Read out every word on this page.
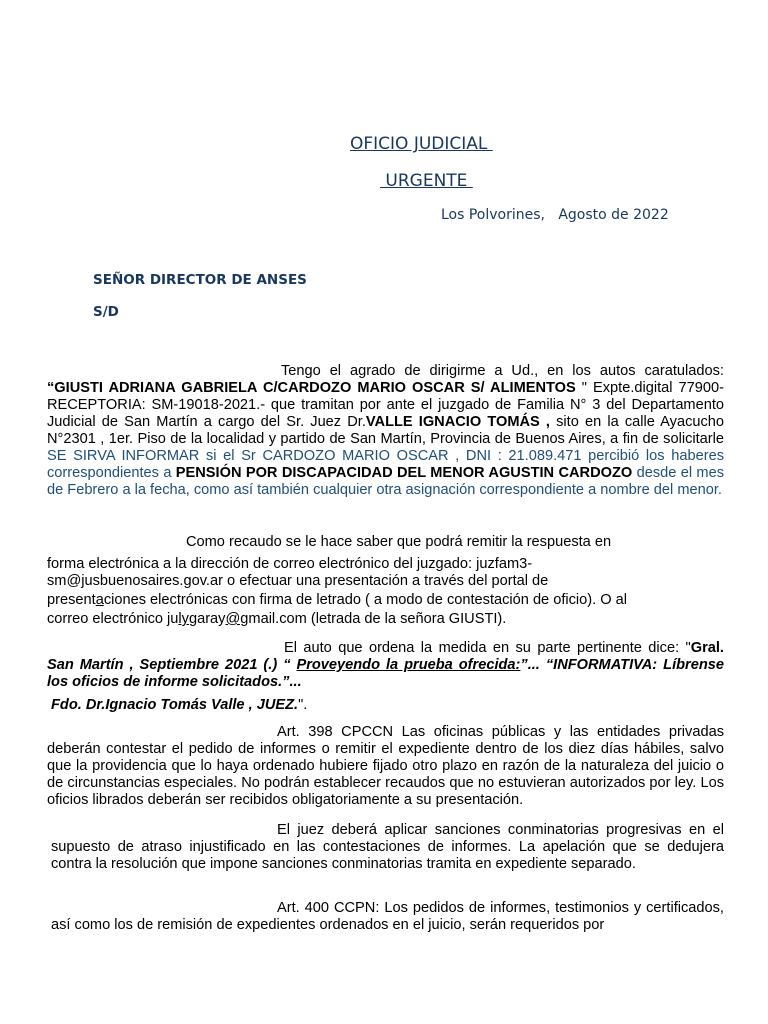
OFICIO JUDICIAL
URGENTE
Los Polvorines,   Agosto de 2022
SEÑOR DIRECTOR DE ANSES
S/D
Tengo el agrado de dirigirme a Ud., en los autos caratulados: “GIUSTI ADRIANA GABRIELA C/CARDOZO MARIO OSCAR S/ ALIMENTOS " Expte.digital 77900- RECEPTORIA: SM-19018-2021.- que tramitan por ante el juzgado de Familia N° 3 del Departamento Judicial de San Martín a cargo del Sr. Juez Dr.VALLE IGNACIO TOMÁS , sito en la calle Ayacucho N°2301 , 1er. Piso de la localidad y partido de San Martín, Provincia de Buenos Aires, a fin de solicitarle SE SIRVA INFORMAR si el Sr CARDOZO MARIO OSCAR , DNI : 21.089.471 percibió los haberes correspondientes a PENSIÓN POR DISCAPACIDAD DEL MENOR AGUSTIN CARDOZO desde el mes de Febrero a la fecha, como así también cualquier otra asignación correspondiente a nombre del menor.
Como recaudo se le hace saber que podrá remitir la respuesta en
forma electrónica a la dirección de correo electrónico del juzgado: juzfam3-
sm@jusbuenosaires.gov.ar o efectuar una presentación a través del portal de
presentaciones electrónicas con firma de letrado ( a modo de contestación de oficio). O al
correo electrónico julygaray@gmail.com (letrada de la señora GIUSTI).
El auto que ordena la medida en su parte pertinente dice: "Gral. San Martín , Septiembre 2021 (.) “ Proveyendo la prueba ofrecida:”... “INFORMATIVA: Líbrense los oficios de informe solicitados.”...
Fdo. Dr.Ignacio Tomás Valle , JUEZ.".
Art. 398 CPCCN Las oficinas públicas y las entidades privadas deberán contestar el pedido de informes o remitir el expediente dentro de los diez días hábiles, salvo que la providencia que lo haya ordenado hubiere fijado otro plazo en razón de la naturaleza del juicio o de circunstancias especiales. No podrán establecer recaudos que no estuvieran autorizados por ley. Los oficios librados deberán ser recibidos obligatoriamente a su presentación.
El juez deberá aplicar sanciones conminatorias progresivas en el supuesto de atraso injustificado en las contestaciones de informes. La apelación que se dedujera contra la resolución que impone sanciones conminatorias tramita en expediente separado.
Art. 400 CCPN: Los pedidos de informes, testimonios y certificados, así como los de remisión de expedientes ordenados en el juicio, serán requeridos por
